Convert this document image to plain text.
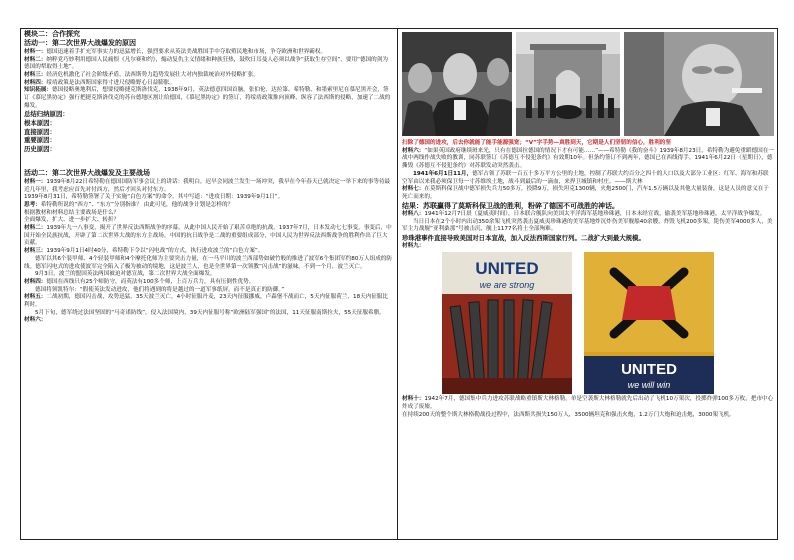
模块二：合作探究

活动一：第二次世界大战爆发的原因

材料一：德国迅速着手扩充军事实力的迅猛增长，强烈要求从英法美战胜国手中夺取殖民地和市场，争夺欧洲和世界霸权。

材料二：纳粹党巧妙利用德国人民痛恨《凡尔赛和约》，煽动复仇主义情绪和种族狂热，鼓吹日耳曼人必须以战争“获取生存空间”，要用“德国的剑为德国的犁取得土地”。

材料三：经济危机激化了社会阶级矛盾，法西斯势力趋势发展壮大对内独裁统治对外侵略扩张。

材料四：绥靖政策是法西斯国家得寸进尺侵略野心日益膨胀。

知识拓展：德国侵略奥地利后，想要侵略捷克斯洛伐克，1938年9月，英法德意四国首脑，张伯伦、达拉第、希特勒、和墨索里尼在慕尼黑开会，签订《慕尼黑协定》强行把捷克斯洛伐克的苏台德地区割让给德国，《慕尼黑协定》的签订，将绥靖政策推向顶峰，纵容了法西斯的侵略，加速了二战的爆发。

总结归纳原因：

根本原因：

直接原因：

重要原因：

历史原因：

活动二：第二次世界大战爆发及主要战场

材料一：1939年8月22日希特勒在德国国防军事会议上的讲话：我明白，迟早会同波兰发生一场冲突，我早在今年春天已就决定一举下来的事等待最近几年里，我考虑应首先对付西方，然后才回头对付东方。

1939年8月31日，希特勒签署了关于实施“白色方案”的命令。其中写道：“进攻日期：1939年9月1日”。

思考：希特勒所说的“西方”、“东方”分别指谁？ 由此可见，他的战争计划是怎样的？

根据教材和材料总结主要战场是什么？

全面爆发、扩大、进一步扩大、转折？

材料二：1939年九一八事变，揭开了世界反法西斯战争的序幕，从此中国人民开始了艰苦卓绝的抗战。1937年7月，日本发动七七事变，事变后，中国开始全民族抗战，开辟了第二次世界大战的东方主战场。中国的抗日战争是二战的重要组成部分，中国人民为世界反法西斯战争的胜利作出了巨大贡献。

材料三：1939年9月1日4时40分，希特勒下令以“闪电战”的方式，执行进攻波兰的“白色方案”。

德军以其6个装甲师、4个轻装甲师和4个摩托化师为主要突击力量，在一马平川的波兰西部势如破竹般的推进了波军6个集团军约80万人组成的防线。德军闪电式的进攻使波军完全陷入了极为被动的境地，这是波兰人，也是全世界第一次领教“闪击战”的滋味。不到一个月，波兰灭亡。

9月3日，波兰的盟国英法两国被迫对德宣战，第二次世界大战全面爆发。

材料四：德国在西线只有25个师防守，而英法有100多个师，上百万兵力，具有压倒性优势。

德国将领凯特尔：“假使英法发动进攻，他们将遇到的将是越过的一道军事纸屏，而不是真正的防御。”

材料五：二战初期，德国闪击战，攻势迅猛，35天波兰灭亡，4小时征服丹麦，23天内征服挪威，卢森堡不战而亡，5天内征服荷兰，18天内征服比利时。

5月下旬，德军绕过法国坚固的“马奇诺防线”，侵入法国境内，39天内征服号称“欧洲陆军强国”的法国，11天征服南斯拉夫，55天征服希腊。

材料六：

扫除了德国的进攻，后去你就能了能手能源强宽；“V”字手势—真胜到天，它期是人们坚韧的信心，胜利的坚

材料六：“如果英国政府继续斑来光，只有在德国拉德国的情况下才有可能……”——希特勒《我的奋斗》1939年8月23日，希特勒为避免重蹈德国在一战中两线作战失败的教训，同苏联签订《苏德互不侵犯条约》有效期10年。但条约签订不到两年，德国已在西线得手。1941年6月22日（星期日），德撕毁《苏德互不侵犯条约》对苏联发动突然袭击。

1941年6月1日11月，德军占领了苏联一百五十多万平方公里的土地，控制了苏联大约百分之四十的人口以及大部分工业区：红军、海军和苏联空军由以来我必须保卫每一寸苏维埃土地，战斗到最后的一滴血，来捍卫城镇和村庄。——斯大林

材料七：在莫斯科保卫战中德军损失兵力50多万，投降9万，损失坦克1300辆，火炮2500门，汽车1.5万辆以及其他大量装备，这是人员的意义在于死亡而来的。

结果：苏联赢得了莫斯科保卫战的胜利，粉碎了德国不可战胜的神话。

材料八：1941年12月7日晨（夏威夷时间），日本联合舰队向美国太平洋海军基地珍珠港，日本未经宣战，偷袭美军基地珍珠港，太平洋战争爆发。

当日日本在2个小时内出动350余架飞机突然袭击夏威夷珍珠港的美军基地炸沉炸伤美军舰船40余艘，炸毁飞机200多架，毙伤美军4000多人，美军主力战舰“亚利桑那”号被击沉，舰上1177名将士全部殉难。

珍珠港事件直接导致美国对日本宣战，加入反法西斯国家行列。二战扩大到最大规模。

材料九：

UNITED
we are strong
UNITED
we will win

材料十：1942年7月，德国集中兵力进攻苏联战略重镇斯大林格勒。单是空袭斯大林格勒就先后出动了飞机10万架次，投掷炸弹100多万枚，把市中心炸成了废墟。

在持续200天的整个斯大林格勒战役过程中，法西斯共损失150万人，3500辆坦克和强击火炮，1.2万门大炮和迫击炮，3000架飞机。
